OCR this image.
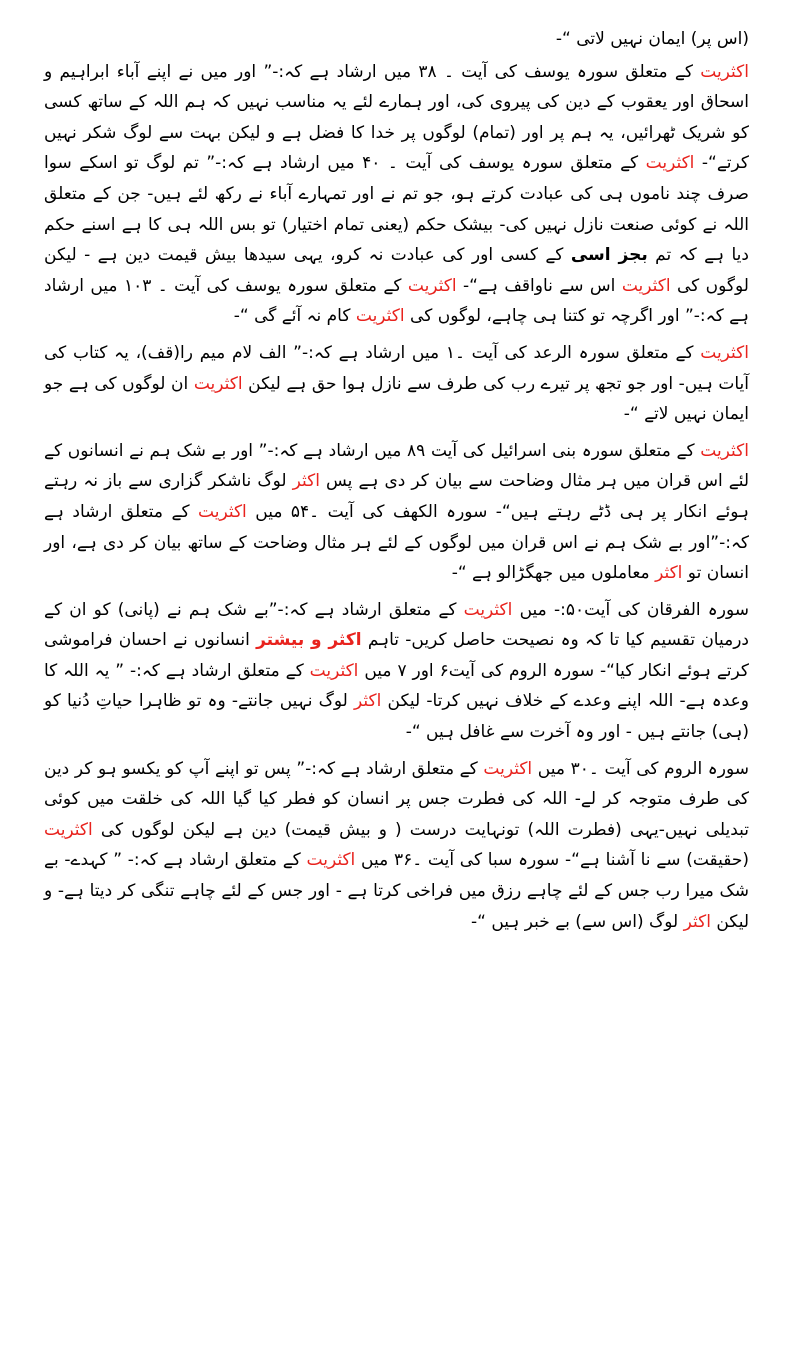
(اس پر) ایمان نہیں لاتی “-

اکثریت کے متعلق سورہ یوسف کی آیت ۔ ۳۸ میں ارشاد ہے کہ:-” اور میں نے اپنے آباء ابراہیم و اسحاق اور یعقوب کے دین کی پیروی کی، اور ہمارے لئے یہ مناسب نہیں کہ ہم اللہ کے ساتھ کسی کو شریک ٹھرائیں، یہ ہم پر اور (تمام) لوگوں پر خدا کا فضل ہے و لیکن بہت سے لوگ شکر نہیں کرتے“- اکثریت کے متعلق سورہ یوسف کی آیت ۔ ۴۰ میں ارشاد ہے کہ:-” تم لوگ تو اسکے سوا صرف چند ناموں ہی کی عبادت کرتے ہو، جو تم نے اور تمہارے آباء نے رکھ لئے ہیں- جن کے متعلق اللہ نے کوئی صنعت نازل نہیں کی- بیشک حکم (یعنی تمام اختیار) تو بس اللہ ہی کا ہے اسنے حکم دیا ہے کہ تم بجز اسی کے کسی اور کی عبادت نہ کرو، یہی سیدھا بیش قیمت دین ہے - لیکن لوگوں کی اکثریت اس سے ناواقف ہے“- اکثریت کے متعلق سورہ یوسف کی آیت ۔ ۱۰۳ میں ارشاد ہے کہ:-” اور اگرچہ تو کتنا ہی چاہے، لوگوں کی اکثریت کام نہ آئے گی “-

اکثریت کے متعلق سورہ الرعد کی آیت ۔۱ میں ارشاد ہے کہ:-” الف لام میم را(قف)، یہ کتاب کی آیات ہیں- اور جو تجھ پر تیرے رب کی طرف سے نازل ہوا حق ہے لیکن اکثریت ان لوگوں کی ہے جو ایمان نہیں لاتے “-

اکثریت کے متعلق سورہ بنی اسرائیل کی آیت ۸۹ میں ارشاد ہے کہ:-” اور بے شک ہم نے انسانوں کے لئے اس قران میں ہر مثال وضاحت سے بیان کر دی ہے پس اکثر لوگ ناشکر گزاری سے باز نہ رہتے ہوئے انکار پر ہی ڈٹے رہتے ہیں“- سورہ الکھف کی آیت ۔۵۴ میں اکثریت کے متعلق ارشاد ہے کہ:-”اور بے شک ہم نے اس قران میں لوگوں کے لئے ہر مثال وضاحت کے ساتھ بیان کر دی ہے، اور انسان تو اکثر معاملوں میں جھگڑالو ہے “-

سورہ الفرقان کی آیت۵۰:- میں اکثریت کے متعلق ارشاد ہے کہ:-”بے شک ہم نے (پانی) کو ان کے درمیان تقسیم کیا تا کہ وہ نصیحت حاصل کریں- تاہم اکثر و بیشتر انسانوں نے احسان فراموشی کرتے ہوئے انکار کیا“- سورہ الروم کی آیت۶ اور ۷ میں اکثریت کے متعلق ارشاد ہے کہ:- ” یہ اللہ کا وعدہ ہے- اللہ اپنے وعدے کے خلاف نہیں کرتا- لیکن اکثر لوگ نہیں جانتے- وہ تو ظاہرا حیاتِ دُنیا کو (ہی) جانتے ہیں - اور وہ آخرت سے غافل ہیں “-

سورہ الروم کی آیت ۔۳۰ میں اکثریت کے متعلق ارشاد ہے کہ:-” پس تو اپنے آپ کو یکسو ہو کر دین کی طرف متوجہ کر لے- اللہ کی فطرت جس پر انسان کو فطر کیا گیا اللہ کی خلقت میں کوئی تبدیلی نہیں-یہی (فطرت اللہ) تونہایت درست ( و بیش قیمت) دین ہے لیکن لوگوں کی اکثریت (حقیقت) سے نا آشنا ہے“- سورہ سبا کی آیت ۔۳۶ میں اکثریت کے متعلق ارشاد ہے کہ:- ” کہدے- بے شک میرا رب جس کے لئے چاہے رزق میں فراخی کرتا ہے - اور جس کے لئے چاہے تنگی کر دیتا ہے- و لیکن اکثر لوگ (اس سے) بے خبر ہیں “-
